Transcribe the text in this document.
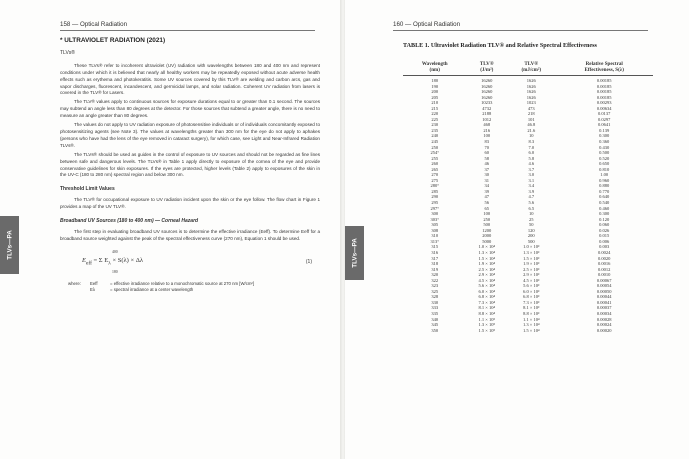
158 — Optical Radiation
TLVs—PA
* ULTRAVIOLET RADIATION (2021)
TLVs®

These TLVs® refer to incoherent ultraviolet (UV) radiation with wavelengths between 180 and 400 nm and represent conditions under which it is believed that nearly all healthy workers may be repeatedly exposed without acute adverse health effects such as erythema and photokeratitis. Some UV sources covered by this TLV® are welding and carbon arcs, gas and vapor discharges, fluorescent, incandescent, and germicidal lamps, and solar radiation. Coherent UV radiation from lasers is covered in the TLV® for Lasers.

The TLV® values apply to continuous sources for exposure durations equal to or greater than 0.1 second. The sources may subtend an angle less than 80 degrees at the detector. For those sources that subtend a greater angle, there is no need to measure an angle greater than 80 degrees.

The values do not apply to UV radiation exposure of photosensitive individuals or of individuals concomitantly exposed to photosensitizing agents (see Note 3). The values at wavelengths greater than 300 nm for the eye do not apply to aphakes (persons who have had the lens of the eye removed in cataract surgery), for which case, see Light and Near-Infrared Radiation TLVs®.

The TLVs® should be used as guides in the control of exposure to UV sources and should not be regarded as fine lines between safe and dangerous levels. The TLVs® in Table 1 apply directly to exposure of the cornea of the eye and provide conservative guidelines for skin exposures. If the eyes are protected, higher levels (Table 2) apply to exposures of the skin in the UV-C (180 to 280 nm) spectral region and below 300 nm.

Threshold Limit Values

The TLV® for occupational exposure to UV radiation incident upon the skin or the eye follow. The flow chart in Figure 1 provides a map of the UV TLV®.

Broadband UV Sources (180 to 400 nm) — Corneal Hazard

The first step in evaluating broadband UV sources is to determine the effective irradiance (Eeff). To determine Eeff for a broadband source weighted against the peak of the spectral effectiveness curve (270 nm), Equation 1 should be used.

400
$E_{eff} = \Sigma$ $E_\lambda \times S(\lambda) \times \Delta\lambda$
180
(1)
where:	Eeff	= effective irradiance relative to a monochromatic source at 270 nm [W/cm²]
Eλ	= spectral irradiance at a center wavelength
160 — Optical Radiation
TLVs—PA
TABLE 1. Ultraviolet Radiation TLV® and Relative Spectral Effectiveness
Wavelength
(nm)	TLV®
(J/m²)	TLV®
(mJ/cm²)	Relative Spectral
Effectiveness, S(λ)
180	16260	1626	0.00185
190	16260	1626	0.00185
200	16260	1626	0.00185
205	16260	1626	0.00185
210	10233	1023	0.00293
215	4732	473	0.00634
220	2188	218	0.0137
225	1012	101	0.0297
230	468	46.8	0.0641
235	216	21.6	0.139
240	100	10	0.300
245	83	8.3	0.360
250	70	7.0	0.430
254°	60	6.0	0.500
255	58	5.8	0.520
260	46	4.6	0.650
265	37	3.7	0.810
270	30	3.0	1.00
275	31	3.1	0.960
280°	34	3.4	0.880
285	39	3.9	0.770
290	47	4.7	0.640
295	56	5.6	0.540
297°	65	6.5	0.460
300	100	10	0.300
303°	250	25	0.120
305	500	50	0.060
308	1200	120	0.026
310	2000	200	0.015
313°	5000	500	0.006
315	1.0 × 10⁴	1.0 × 10³	0.003
316	1.3 × 10⁴	1.3 × 10³	0.0024
317	1.5 × 10⁴	1.5 × 10³	0.0020
318	1.9 × 10⁴	1.9 × 10³	0.0016
319	2.5 × 10⁴	2.5 × 10³	0.0012
320	2.9 × 10⁴	2.9 × 10³	0.0010
322	4.5 × 10⁴	4.5 × 10³	0.00067
323	5.6 × 10⁴	5.6 × 10³	0.00054
325	6.0 × 10⁴	6.0 × 10³	0.00050
328	6.8 × 10⁴	6.8 × 10³	0.00044
330	7.3 × 10⁴	7.3 × 10³	0.00041
333	8.1 × 10⁴	8.1 × 10³	0.00037
335	8.8 × 10⁴	8.8 × 10³	0.00034
340	1.1 × 10⁵	1.1 × 10⁴	0.00028
345	1.3 × 10⁵	1.3 × 10⁴	0.00024
350	1.5 × 10⁵	1.5 × 10⁴	0.00020
